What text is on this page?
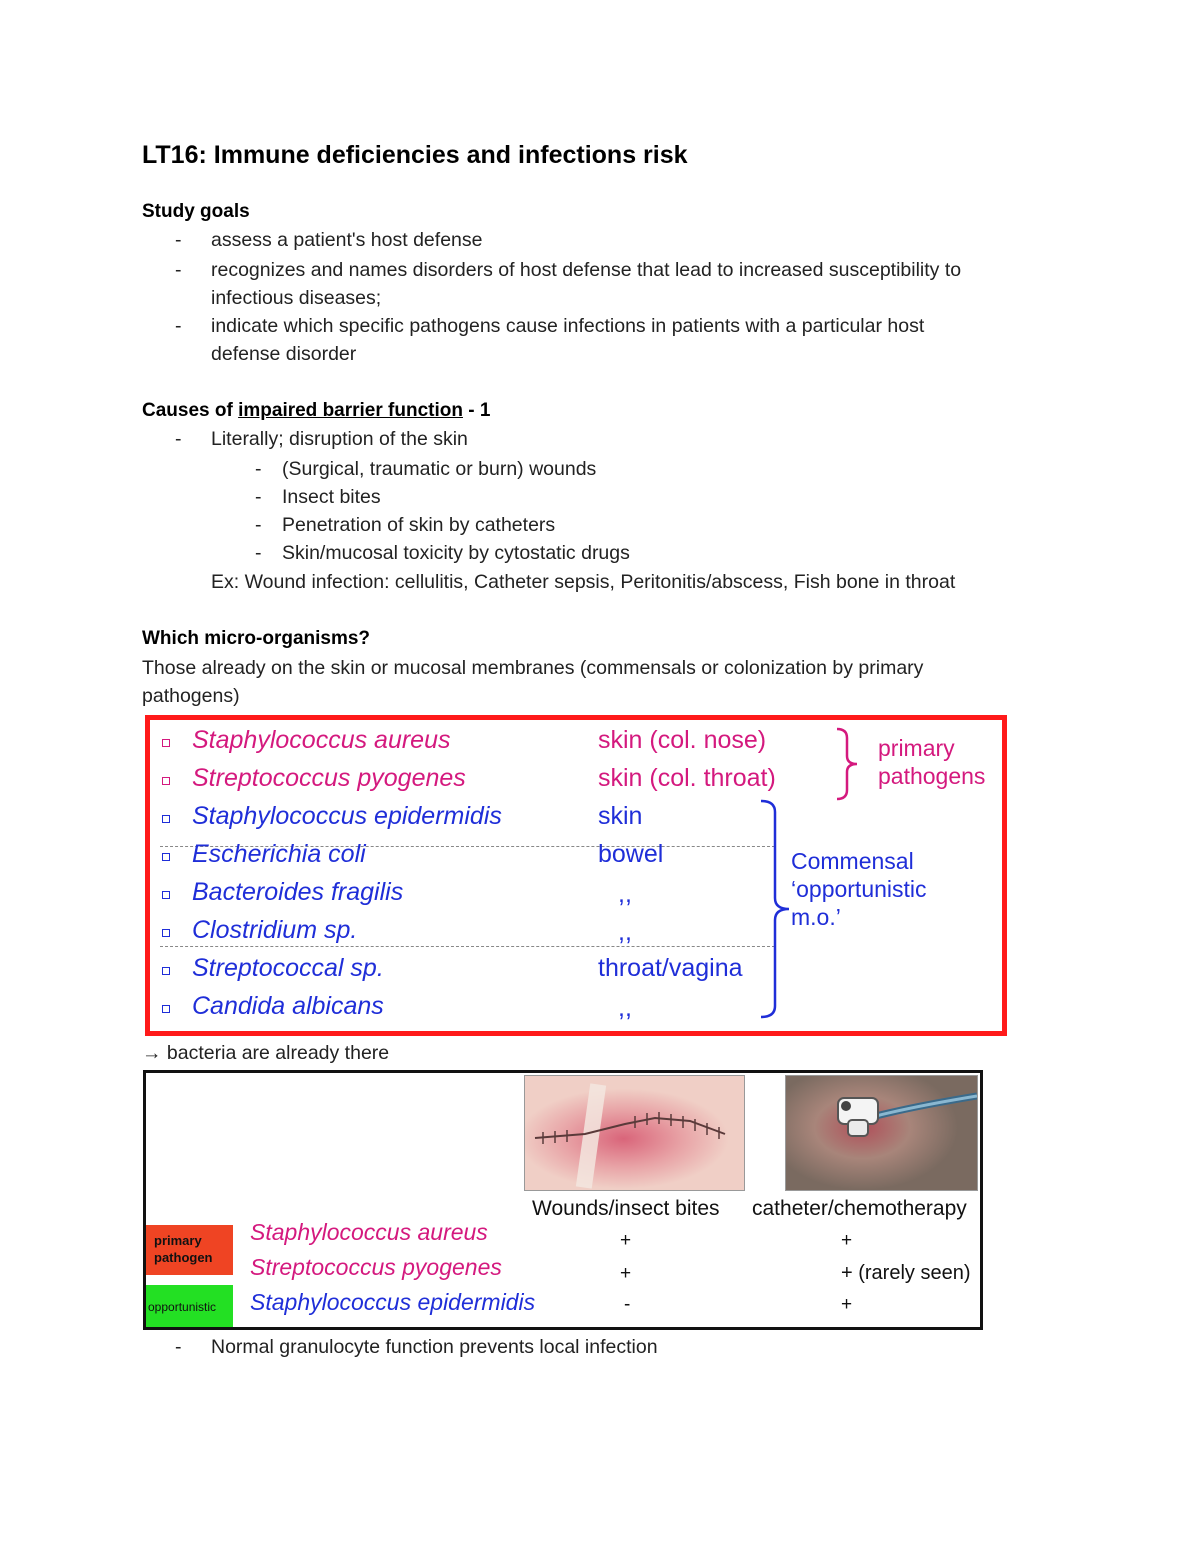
LT16: Immune deficiencies and infections risk
Study goals
- assess a patient's host defense
- recognizes and names disorders of host defense that lead to increased susceptibility to
infectious diseases;
- indicate which specific pathogens cause infections in patients with a particular host
defense disorder
Causes of impaired barrier function - 1
- Literally; disruption of the skin
- (Surgical, traumatic or burn) wounds
- Insect bites
- Penetration of skin by catheters
- Skin/mucosal toxicity by cytostatic drugs
Ex: Wound infection: cellulitis, Catheter sepsis, Peritonitis/abscess, Fish bone in throat
Which micro-organisms?
Those already on the skin or mucosal membranes (commensals or colonization by primary
pathogens)
Staphylococcus aureus	skin (col. nose)
Streptococcus pyogenes	skin (col. throat)
Staphylococcus epidermidis	skin
Escherichia coli	bowel
Bacteroides fragilis	,,
Clostridium sp.	,,
Streptococcal sp.	throat/vagina
Candida albicans	,,
primary
pathogens
Commensal
‘opportunistic
m.o.’
→ bacteria are already there
Wounds/insect bites catheter/chemotherapy
primary
pathogen
opportunistic
Staphylococcus aureus	+	+
Streptococcus pyogenes	+	+ (rarely seen)
Staphylococcus epidermidis	-	+
- Normal granulocyte function prevents local infection
